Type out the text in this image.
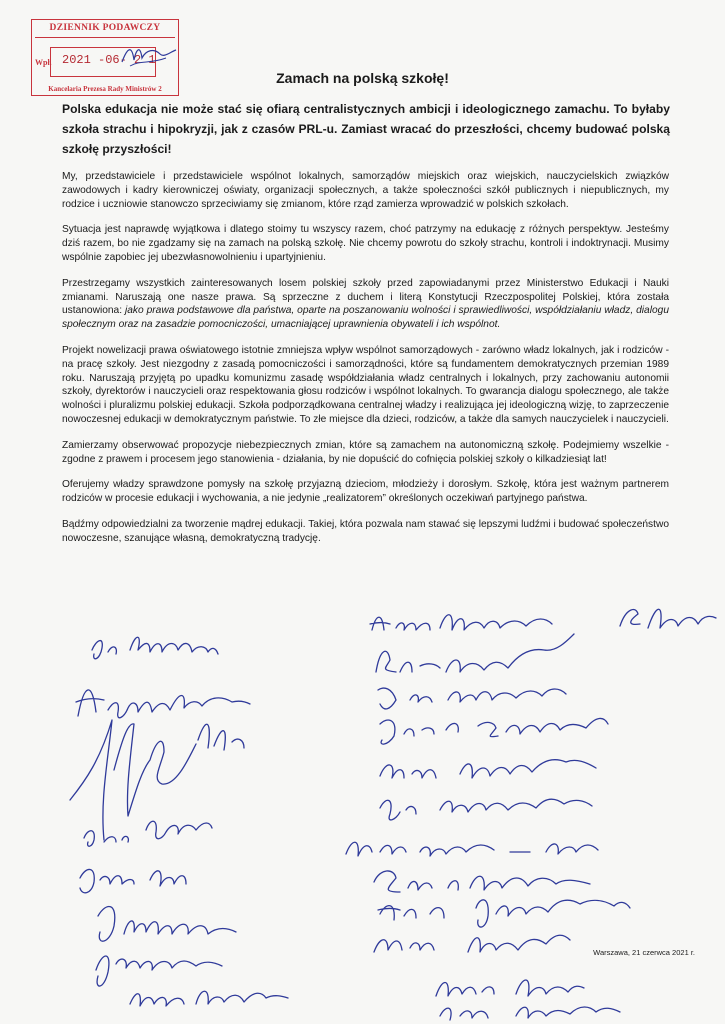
DZIENNIK PODAWCZY
Wpł. 2021 -06- 2 1
Kancelaria Prezesa Rady Ministrów 2
Zamach na polską szkołę!

Polska edukacja nie może stać się ofiarą centralistycznych ambicji i ideologicznego zamachu. To byłaby szkoła strachu i hipokryzji, jak z czasów PRL-u. Zamiast wracać do przeszłości, chcemy budować polską szkołę przyszłości!

My, przedstawiciele i przedstawiciele wspólnot lokalnych, samorządów miejskich oraz wiejskich, nauczycielskich związków zawodowych i kadry kierowniczej oświaty, organizacji społecznych, a także społeczności szkół publicznych i niepublicznych, my rodzice i uczniowie stanowczo sprzeciwiamy się zmianom, które rząd zamierza wprowadzić w polskich szkołach.

Sytuacja jest naprawdę wyjątkowa i dlatego stoimy tu wszyscy razem, choć patrzymy na edukację z różnych perspektyw. Jesteśmy dziś razem, bo nie zgadzamy się na zamach na polską szkołę. Nie chcemy powrotu do szkoły strachu, kontroli i indoktrynacji. Musimy wspólnie zapobiec jej ubezwłasnowolnieniu i upartyjnieniu.

Przestrzegamy wszystkich zainteresowanych losem polskiej szkoły przed zapowiadanymi przez Ministerstwo Edukacji i Nauki zmianami. Naruszają one nasze prawa. Są sprzeczne z duchem i literą Konstytucji Rzeczpospolitej Polskiej, która została ustanowiona: jako prawa podstawowe dla państwa, oparte na poszanowaniu wolności i sprawiedliwości, współdziałaniu władz, dialogu społecznym oraz na zasadzie pomocniczości, umacniającej uprawnienia obywateli i ich wspólnot.

Projekt nowelizacji prawa oświatowego istotnie zmniejsza wpływ wspólnot samorządowych - zarówno władz lokalnych, jak i rodziców - na pracę szkoły. Jest niezgodny z zasadą pomocniczości i samorządności, które są fundamentem demokratycznych przemian 1989 roku. Naruszają przyjętą po upadku komunizmu zasadę współdziałania władz centralnych i lokalnych, przy zachowaniu autonomii szkoły, dyrektorów i nauczycieli oraz respektowania głosu rodziców i wspólnot lokalnych. To gwarancja dialogu społecznego, ale także wolności i pluralizmu polskiej edukacji. Szkoła podporządkowana centralnej władzy i realizująca jej ideologiczną wizję, to zaprzeczenie nowoczesnej edukacji w demokratycznym państwie. To złe miejsce dla dzieci, rodziców, a także dla samych nauczycielek i nauczycieli.

Zamierzamy obserwować propozycje niebezpiecznych zmian, które są zamachem na autonomiczną szkołę. Podejmiemy wszelkie - zgodne z prawem i procesem jego stanowienia - działania, by nie dopuścić do cofnięcia polskiej szkoły o kilkadziesiąt lat!

Oferujemy władzy sprawdzone pomysły na szkołę przyjazną dzieciom, młodzieży i dorosłym. Szkołę, która jest ważnym partnerem rodziców w procesie edukacji i wychowania, a nie jedynie „realizatorem” określonych oczekiwań partyjnego państwa.

Bądźmy odpowiedzialni za tworzenie mądrej edukacji. Takiej, która pozwala nam stawać się lepszymi ludźmi i budować społeczeństwo nowoczesne, szanujące własną, demokratyczną tradycję.

Warszawa, 21 czerwca 2021 r.
